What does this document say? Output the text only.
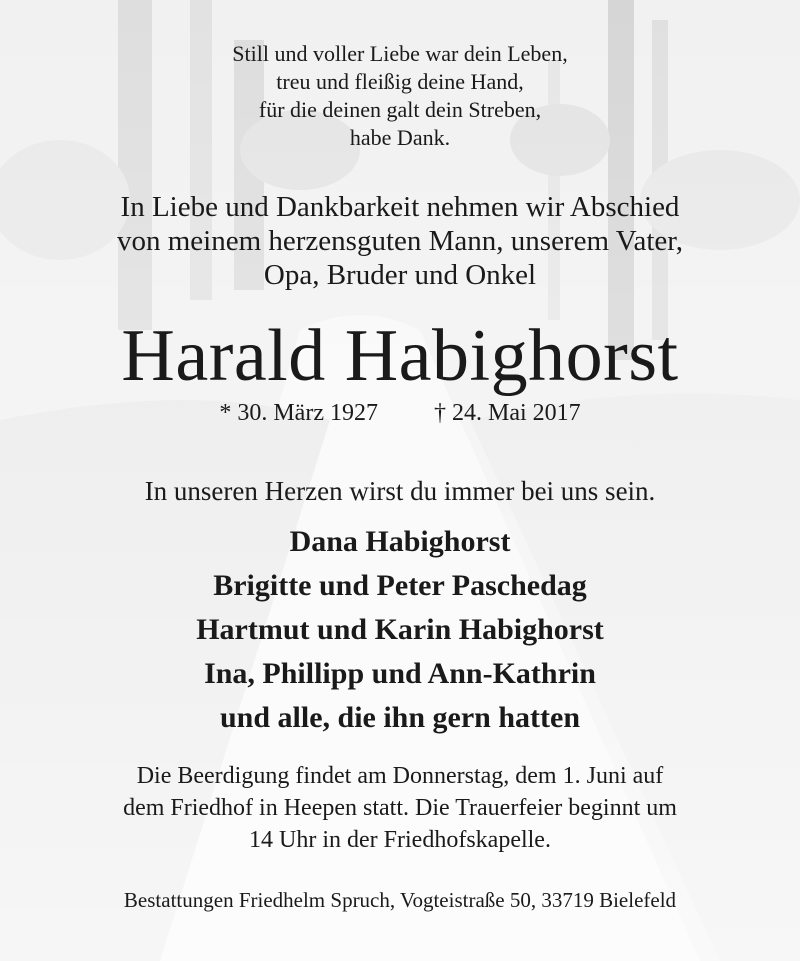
Still und voller Liebe war dein Leben,
treu und fleißig deine Hand,
für die deinen galt dein Streben,
habe Dank.
In Liebe und Dankbarkeit nehmen wir Abschied
von meinem herzensguten Mann, unserem Vater,
Opa, Bruder und Onkel
Harald Habighorst
* 30. März 1927 † 24. Mai 2017
In unseren Herzen wirst du immer bei uns sein.
Dana Habighorst
Brigitte und Peter Paschedag
Hartmut und Karin Habighorst
Ina, Phillipp und Ann-Kathrin
und alle, die ihn gern hatten
Die Beerdigung findet am Donnerstag, dem 1. Juni auf
dem Friedhof in Heepen statt. Die Trauerfeier beginnt um
14 Uhr in der Friedhofskapelle.
Bestattungen Friedhelm Spruch, Vogteistraße 50, 33719 Bielefeld
